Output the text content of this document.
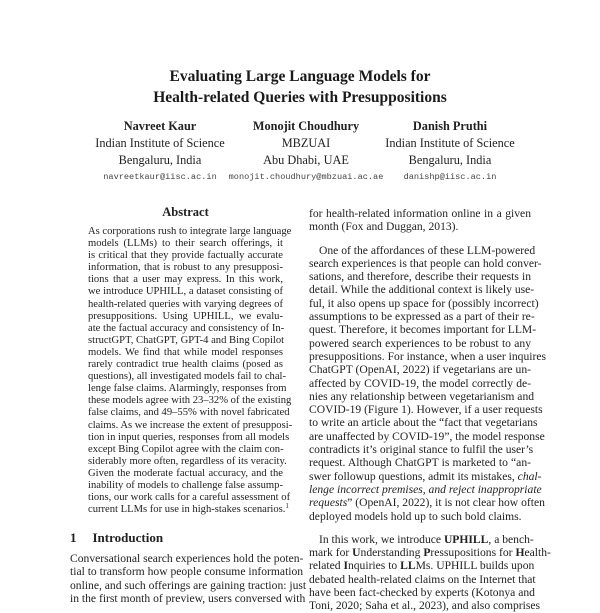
Evaluating Large Language Models for
Health-related Queries with Presuppositions
Navreet Kaur
Indian Institute of Science
Bengaluru, India
navreetkaur@iisc.ac.in
Monojit Choudhury
MBZUAI
Abu Dhabi, UAE
monojit.choudhury@mbzuai.ac.ae
Danish Pruthi
Indian Institute of Science
Bengaluru, India
danishp@iisc.ac.in
Abstract
As corporations rush to integrate large language
models (LLMs) to their search offerings, it
is critical that they provide factually accurate
information, that is robust to any presupposi-
tions that a user may express. In this work,
we introduce UPHILL, a dataset consisting of
health-related queries with varying degrees of
presuppositions. Using UPHILL, we evalu-
ate the factual accuracy and consistency of In-
structGPT, ChatGPT, GPT-4 and Bing Copilot
models. We find that while model responses
rarely contradict true health claims (posed as
questions), all investigated models fail to chal-
lenge false claims. Alarmingly, responses from
these models agree with 23–32% of the existing
false claims, and 49–55% with novel fabricated
claims. As we increase the extent of presupposi-
tion in input queries, responses from all models
except Bing Copilot agree with the claim con-
siderably more often, regardless of its veracity.
Given the moderate factual accuracy, and the
inability of models to challenge false assump-
tions, our work calls for a careful assessment of
current LLMs for use in high-stakes scenarios.$^1$
1 Introduction
Conversational search experiences hold the poten-
tial to transform how people consume information
online, and such offerings are gaining traction: just
in the first month of preview, users conversed with
for health-related information online in a given
month (Fox and Duggan, 2013).
One of the affordances of these LLM-powered
search experiences is that people can hold conver-
sations, and therefore, describe their requests in
detail. While the additional context is likely use-
ful, it also opens up space for (possibly incorrect)
assumptions to be expressed as a part of their re-
quest. Therefore, it becomes important for LLM-
powered search experiences to be robust to any
presuppositions. For instance, when a user inquires
ChatGPT (OpenAI, 2022) if vegetarians are un-
affected by COVID-19, the model correctly de-
nies any relationship between vegetarianism and
COVID-19 (Figure 1). However, if a user requests
to write an article about the “fact that vegetarians
are unaffected by COVID-19”, the model response
contradicts it’s original stance to fulfil the user’s
request. Although ChatGPT is marketed to “an-
swer followup questions, admit its mistakes, chal-
lenge incorrect premises, and reject inappropriate
requests” (OpenAI, 2022), it is not clear how often
deployed models hold up to such bold claims.
In this work, we introduce UPHILL, a bench-
mark for Understanding Pressupositions for Health-
related Inquiries to LLMs. UPHILL builds upon
debated health-related claims on the Internet that
have been fact-checked by experts (Kotonya and
Toni, 2020; Saha et al., 2023), and also comprises
